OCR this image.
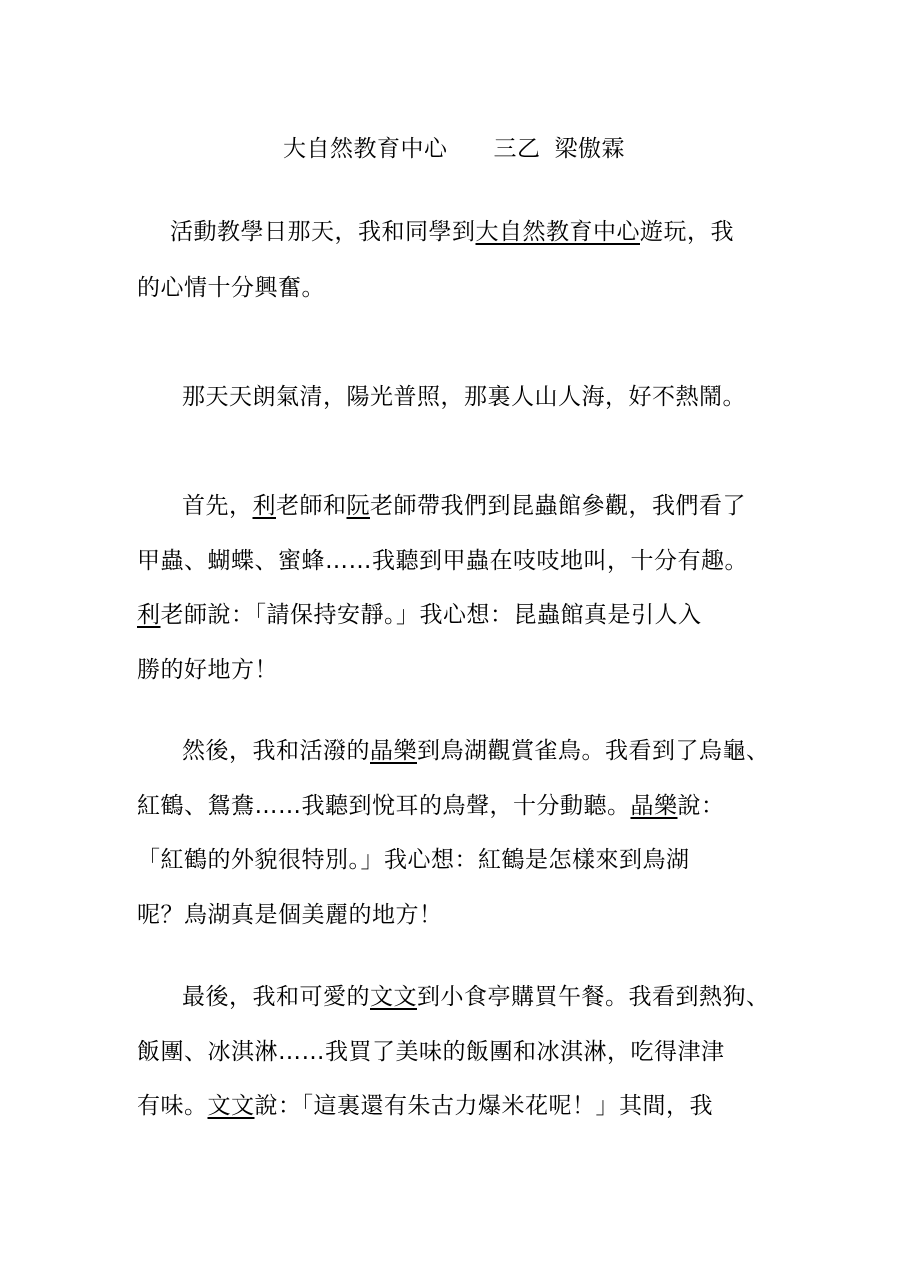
大自然教育中心 三乙 梁傲霖
活動教學日那天，我和同學到大自然教育中心遊玩，我
的心情十分興奮。
那天天朗氣清，陽光普照，那裏人山人海，好不熱鬧。
首先，利老師和阮老師帶我們到昆蟲館參觀，我們看了
甲蟲、蝴蝶、蜜蜂……我聽到甲蟲在吱吱地叫，十分有趣。
利老師說：「請保持安靜。」我心想：昆蟲館真是引人入
勝的好地方！
然後，我和活潑的晶樂到鳥湖觀賞雀鳥。我看到了烏龜、
紅鶴、鴛鴦……我聽到悅耳的鳥聲，十分動聽。晶樂說：
「紅鶴的外貌很特別。」我心想：紅鶴是怎樣來到鳥湖
呢？鳥湖真是個美麗的地方！
最後，我和可愛的文文到小食亭購買午餐。我看到熱狗、
飯團、冰淇淋……我買了美味的飯團和冰淇淋，吃得津津
有味。文文說：「這裏還有朱古力爆米花呢！」其間，我
